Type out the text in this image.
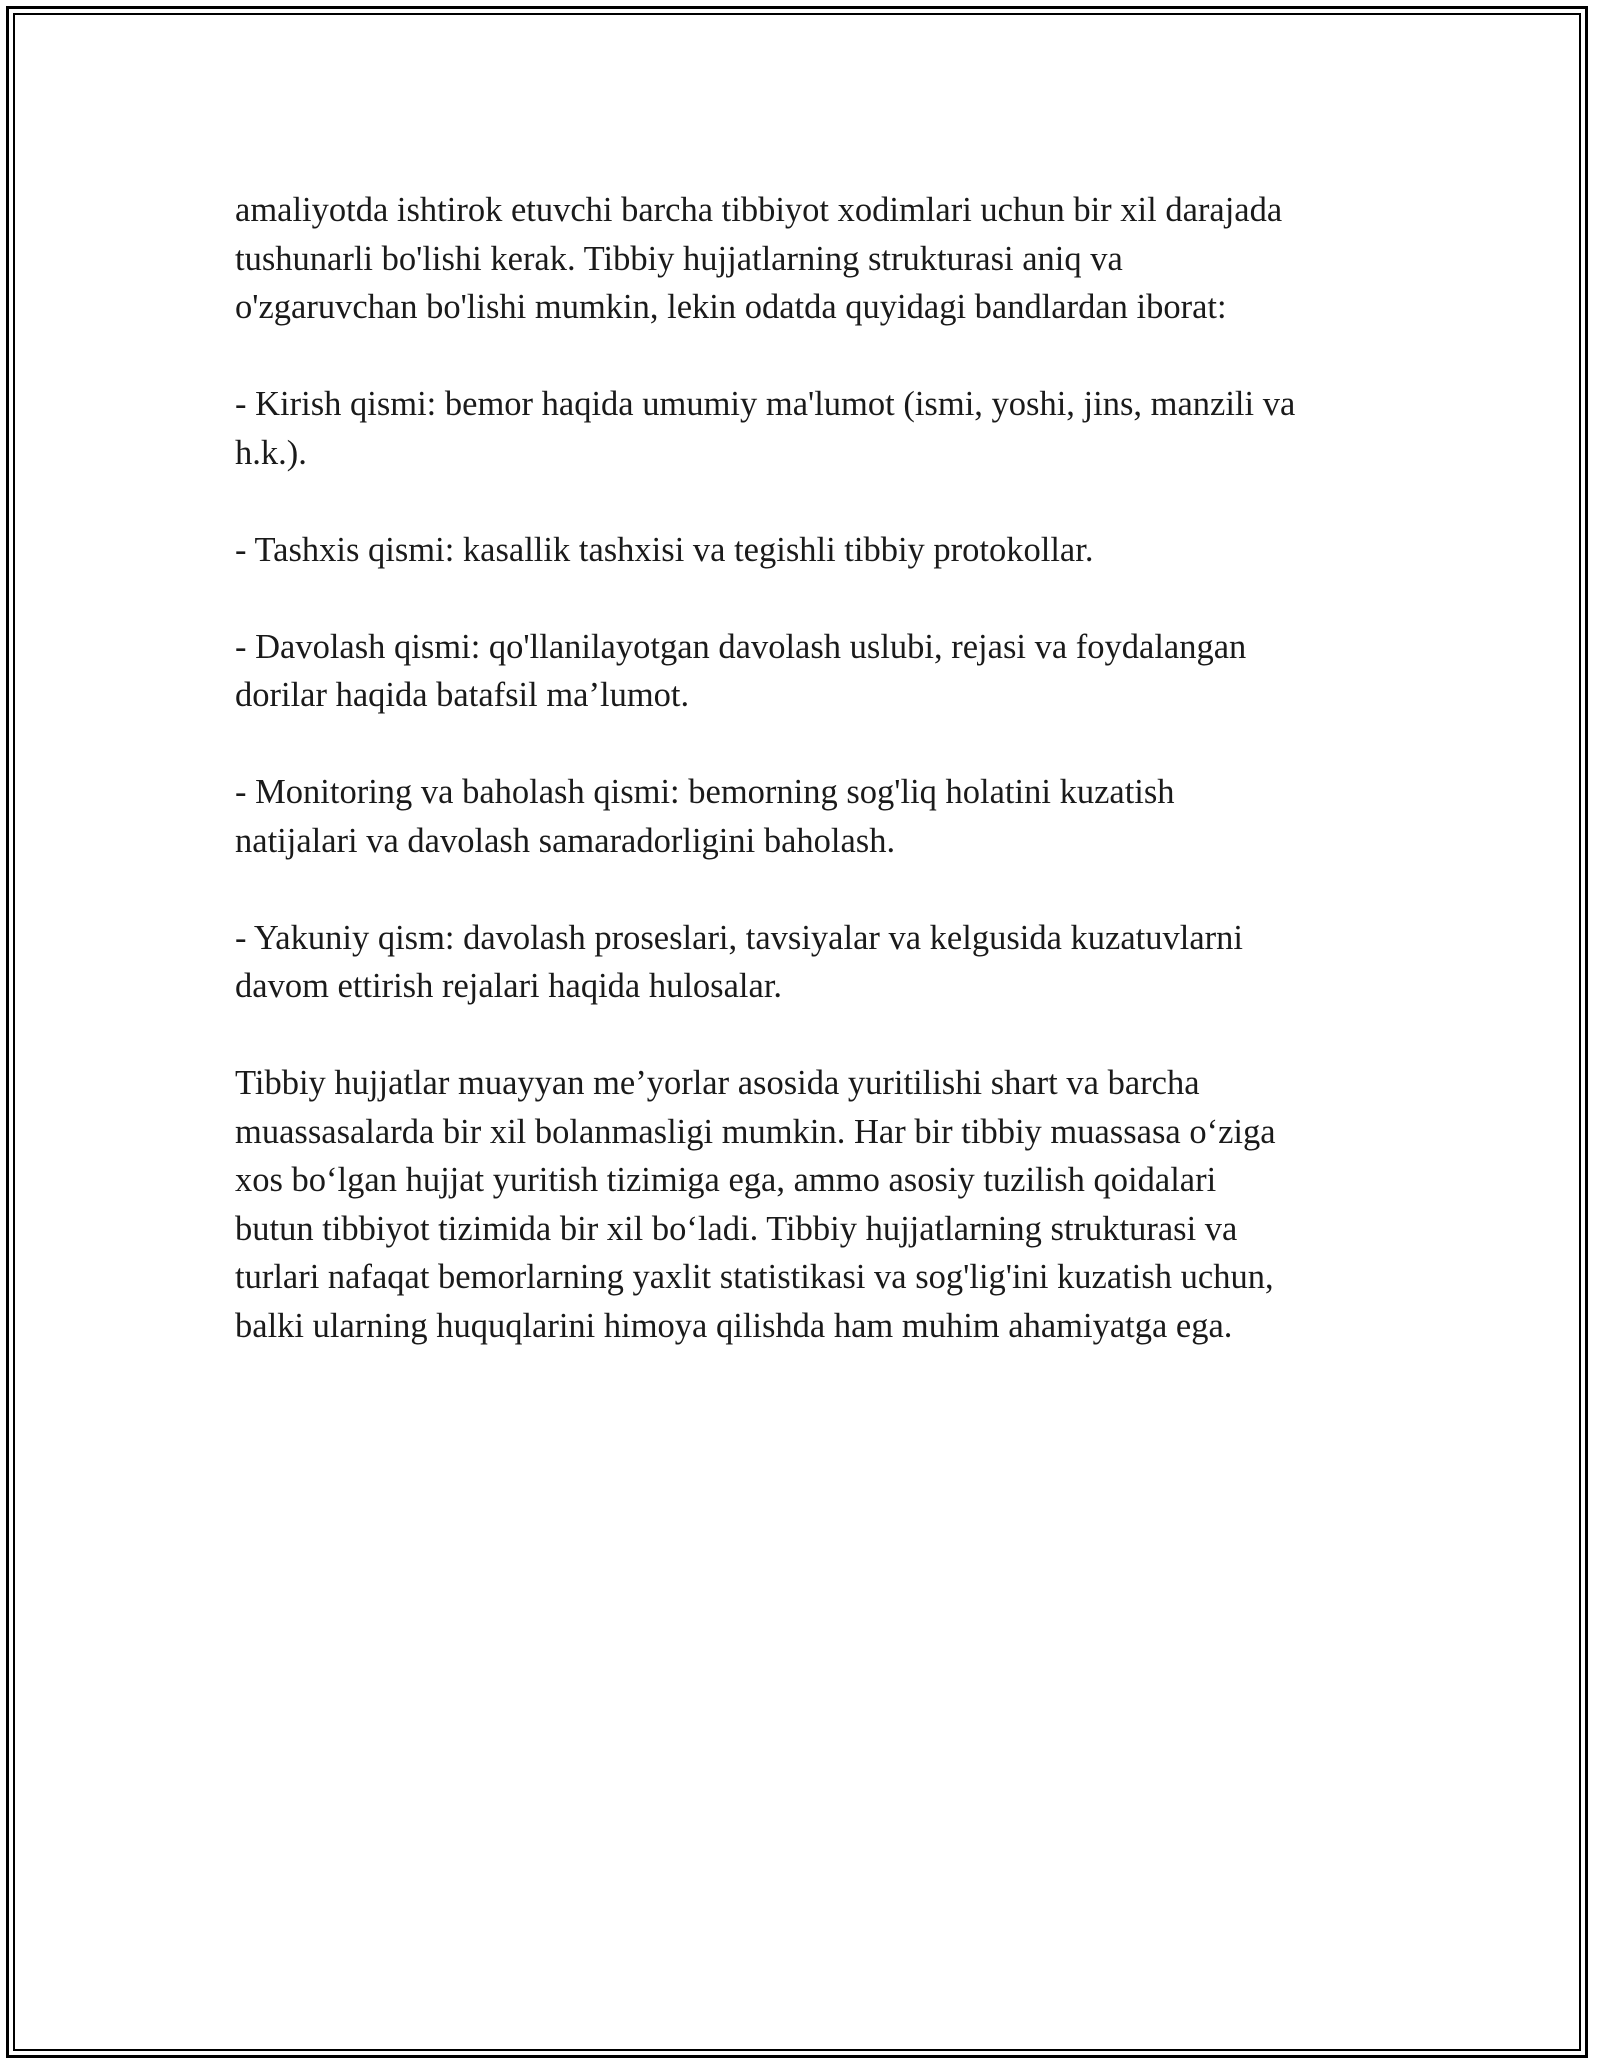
amaliyotda ishtirok etuvchi barcha tibbiyot xodimlari uchun bir xil darajada
tushunarli bo'lishi kerak. Tibbiy hujjatlarning strukturasi aniq va
o'zgaruvchan bo'lishi mumkin, lekin odatda quyidagi bandlardan iborat:

- Kirish qismi: bemor haqida umumiy ma'lumot (ismi, yoshi, jins, manzili va
h.k.).

- Tashxis qismi: kasallik tashxisi va tegishli tibbiy protokollar.

- Davolash qismi: qo'llanilayotgan davolash uslubi, rejasi va foydalangan
dorilar haqida batafsil ma’lumot.

- Monitoring va baholash qismi: bemorning sog'liq holatini kuzatish
natijalari va davolash samaradorligini baholash.

- Yakuniy qism: davolash proseslari, tavsiyalar va kelgusida kuzatuvlarni
davom ettirish rejalari haqida hulosalar.

Tibbiy hujjatlar muayyan me’yorlar asosida yuritilishi shart va barcha
muassasalarda bir xil bolanmasligi mumkin. Har bir tibbiy muassasa o‘ziga
xos bo‘lgan hujjat yuritish tizimiga ega, ammo asosiy tuzilish qoidalari
butun tibbiyot tizimida bir xil bo‘ladi. Tibbiy hujjatlarning strukturasi va
turlari nafaqat bemorlarning yaxlit statistikasi va sog'lig'ini kuzatish uchun,
balki ularning huquqlarini himoya qilishda ham muhim ahamiyatga ega.
